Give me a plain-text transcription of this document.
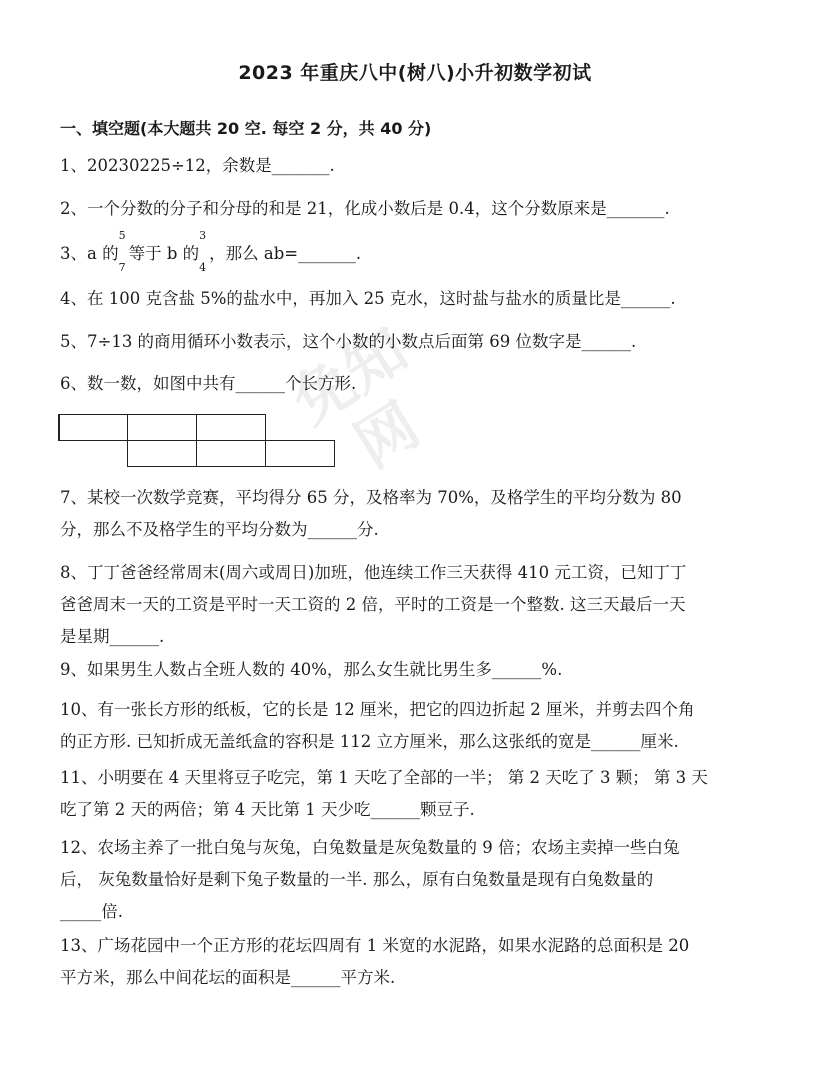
免知网
2023 年重庆八中(树八)小升初数学初试
一、填空题(本大题共 20 空. 每空 2 分，共 40 分)
1、20230225÷12，余数是_______.
2、一个分数的分子和分母的和是 21，化成小数后是 0.4，这个分数原来是_______.
3、a 的
5
7
等于 b 的
3
4
，那么 ab=_______.
4、在 100 克含盐 5%的盐水中，再加入 25 克水，这时盐与盐水的质量比是______.
5、7÷13 的商用循环小数表示，这个小数的小数点后面第 69 位数字是______.
6、数一数，如图中共有______个长方形.
7、某校一次数学竞赛，平均得分 65 分，及格率为 70%，及格学生的平均分数为 80
分，那么不及格学生的平均分数为______分.
8、丁丁爸爸经常周末(周六或周日)加班，他连续工作三天获得 410 元工资，已知丁丁
爸爸周末一天的工资是平时一天工资的 2 倍，平时的工资是一个整数. 这三天最后一天
是星期______.
9、如果男生人数占全班人数的 40%，那么女生就比男生多______%.
10、有一张长方形的纸板，它的长是 12 厘米，把它的四边折起 2 厘米，并剪去四个角
的正方形. 已知折成无盖纸盒的容积是 112 立方厘米，那么这张纸的宽是______厘米.
11、小明要在 4 天里将豆子吃完，第 1 天吃了全部的一半； 第 2 天吃了 3 颗； 第 3 天
吃了第 2 天的两倍；第 4 天比第 1 天少吃______颗豆子.
12、农场主养了一批白兔与灰兔，白兔数量是灰兔数量的 9 倍；农场主卖掉一些白兔
后， 灰兔数量恰好是剩下兔子数量的一半. 那么，原有白兔数量是现有白兔数量的
_____倍.
13、广场花园中一个正方形的花坛四周有 1 米宽的水泥路，如果水泥路的总面积是 20
平方米，那么中间花坛的面积是______平方米.
